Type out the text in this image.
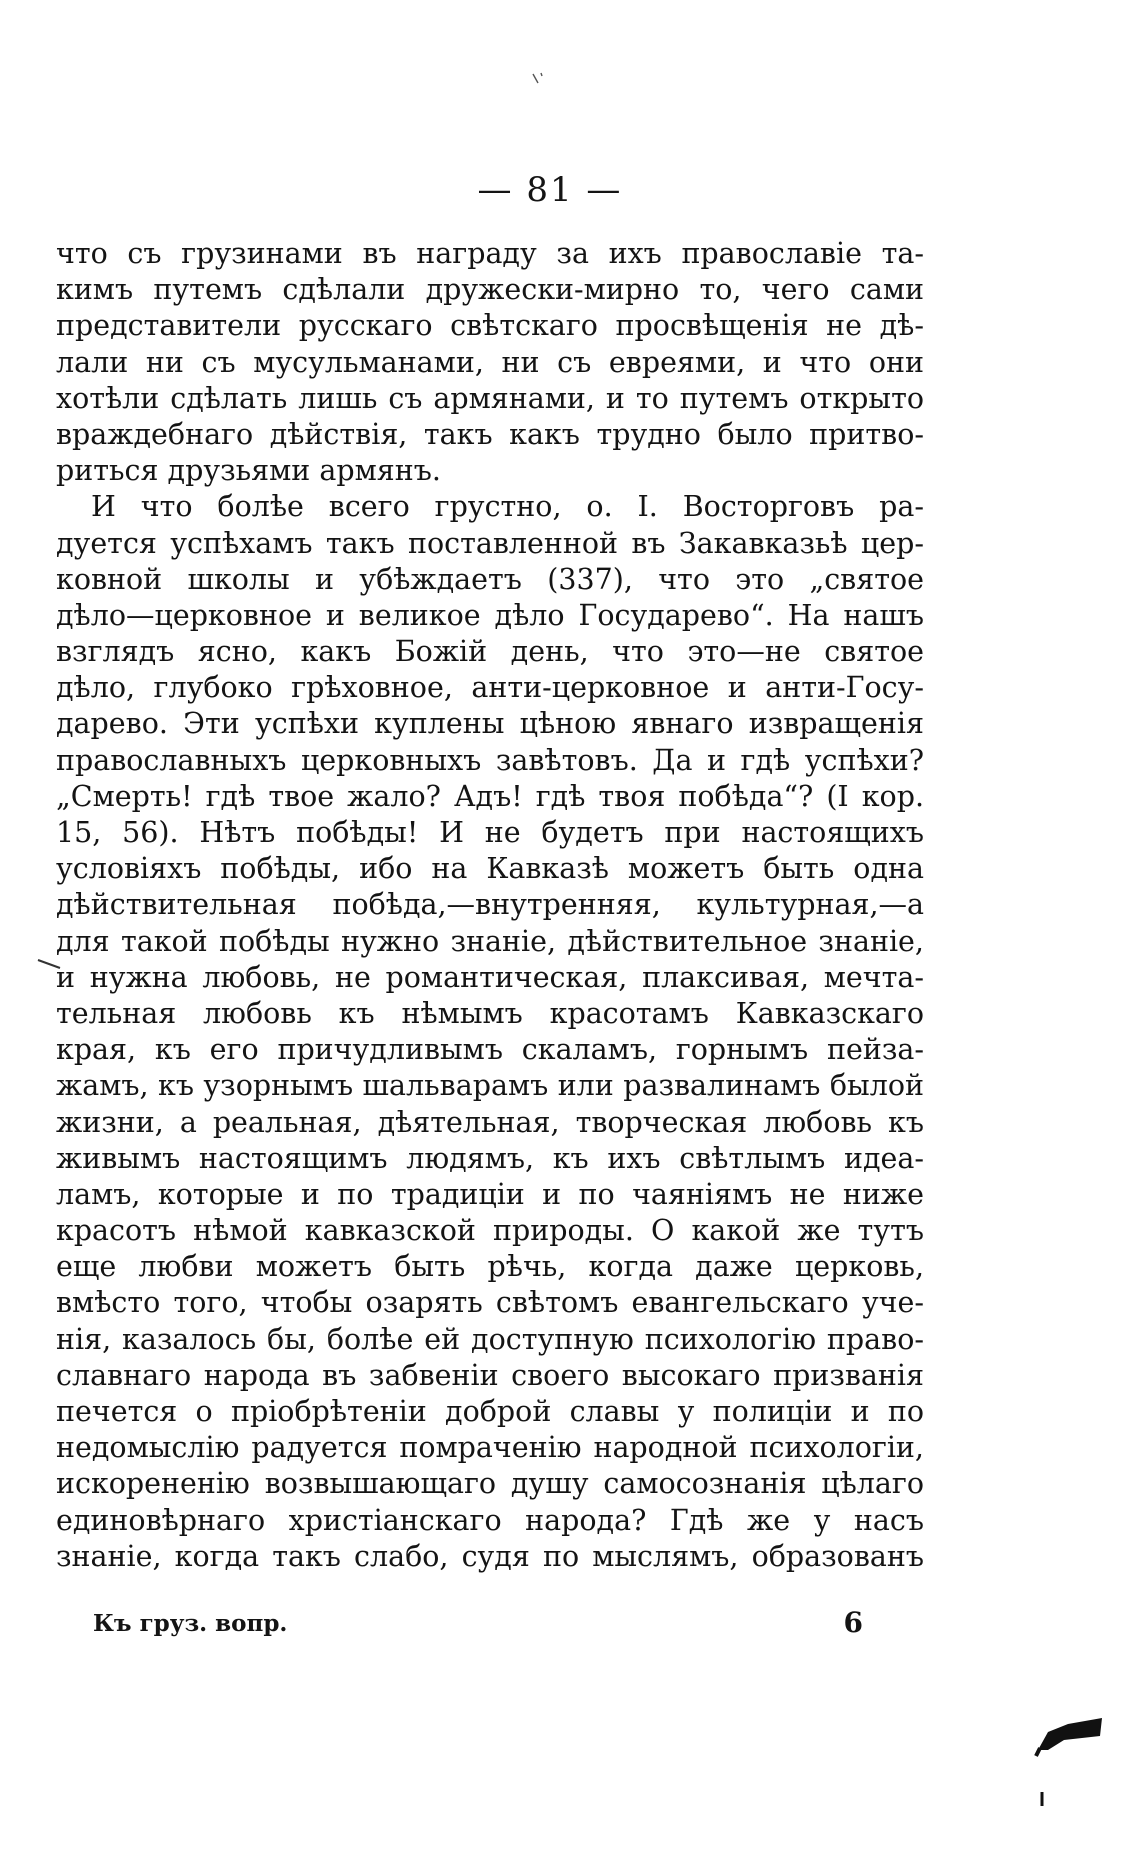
— 81 —
что съ грузинами въ награду за ихъ православіе та-
кимъ путемъ сдѣлали дружески-мирно то, чего сами
представители русскаго свѣтскаго просвѣщенія не дѣ-
лали ни съ мусульманами, ни съ евреями, и что они
хотѣли сдѣлать лишь съ армянами, и то путемъ открыто
враждебнаго дѣйствія, такъ какъ трудно было притво-
риться друзьями армянъ.
И что болѣе всего грустно, о. І. Восторговъ ра-
дуется успѣхамъ такъ поставленной въ Закавказьѣ цер-
ковной школы и убѣждаетъ (337), что это „святое
дѣло—церковное и великое дѣло Государево“. На нашъ
взглядъ ясно, какъ Божій день, что это—не святое
дѣло, глубоко грѣховное, анти-церковное и анти-Госу-
дарево. Эти успѣхи куплены цѣною явнаго извращенія
православныхъ церковныхъ завѣтовъ. Да и гдѣ успѣхи?
„Смерть! гдѣ твое жало? Адъ! гдѣ твоя побѣда“? (І кор.
15, 56). Нѣтъ побѣды! И не будетъ при настоящихъ
условіяхъ побѣды, ибо на Кавказѣ можетъ быть одна
дѣйствительная побѣда,—внутренняя, культурная,—а
для такой побѣды нужно знаніе, дѣйствительное знаніе,
и нужна любовь, не романтическая, плаксивая, мечта-
тельная любовь къ нѣмымъ красотамъ Кавказскаго
края, къ его причудливымъ скаламъ, горнымъ пейза-
жамъ, къ узорнымъ шальварамъ или развалинамъ былой
жизни, а реальная, дѣятельная, творческая любовь къ
живымъ настоящимъ людямъ, къ ихъ свѣтлымъ идеа-
ламъ, которые и по традиціи и по чаяніямъ не ниже
красотъ нѣмой кавказской природы. О какой же тутъ
еще любви можетъ быть рѣчь, когда даже церковь,
вмѣсто того, чтобы озарять свѣтомъ евангельскаго уче-
нія, казалось бы, болѣе ей доступную психологію право-
славнаго народа въ забвеніи своего высокаго призванія
печется о пріобрѣтеніи доброй славы у полиціи и по
недомыслію радуется помраченію народной психологіи,
искорененію возвышающаго душу самосознанія цѣлаго
единовѣрнаго христіанскаго народа? Гдѣ же у насъ
знаніе, когда такъ слабо, судя по мыслямъ, образованъ
Къ груз. вопр.	6
